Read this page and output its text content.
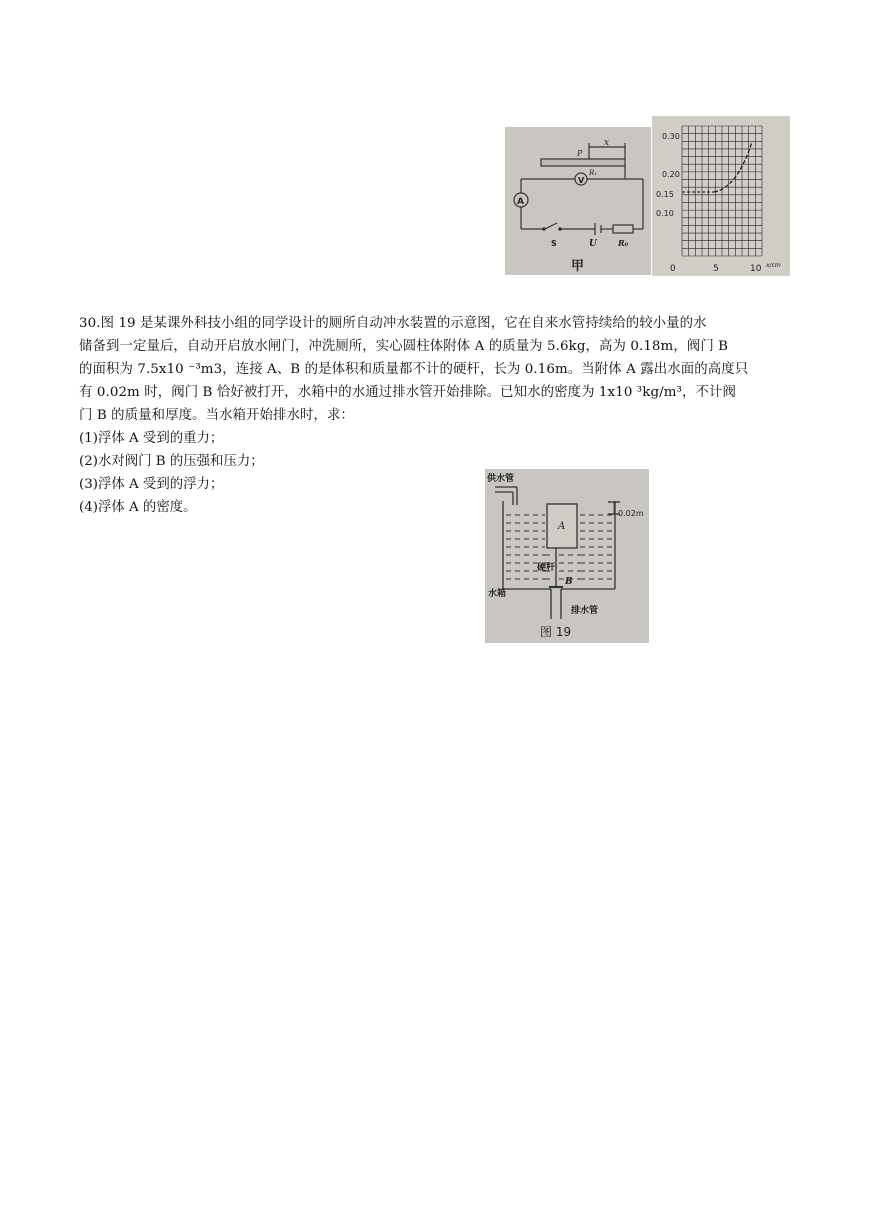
P
x
R₁
V
A
S	U	R₀
甲
0.30
0.20
0.15
0.10
0	5	10 x/cm
供水管
A
0.02m
硬杆
B
水箱
排水管
图 19

30.图 19 是某课外科技小组的同学设计的厕所自动冲水装置的示意图，它在自来水管持续给的较小量的水

储备到一定量后，自动开启放水闸门，冲洗厕所，实心圆柱体附体 A 的质量为 5.6kg，高为 0.18m，阀门 B

的面积为 7.5x10 ⁻³m3，连接 A、B 的是体积和质量都不计的硬杆，长为 0.16m。当附体 A 露出水面的高度只

有 0.02m 时，阀门 B 恰好被打开，水箱中的水通过排水管开始排除。已知水的密度为 1x10 ³kg/m³，不计阀

门 B 的质量和厚度。当水箱开始排水时，求：

(1)浮体 A 受到的重力；
(2)水对阀门 B 的压强和压力；
(3)浮体 A 受到的浮力；
(4)浮体 A 的密度。
